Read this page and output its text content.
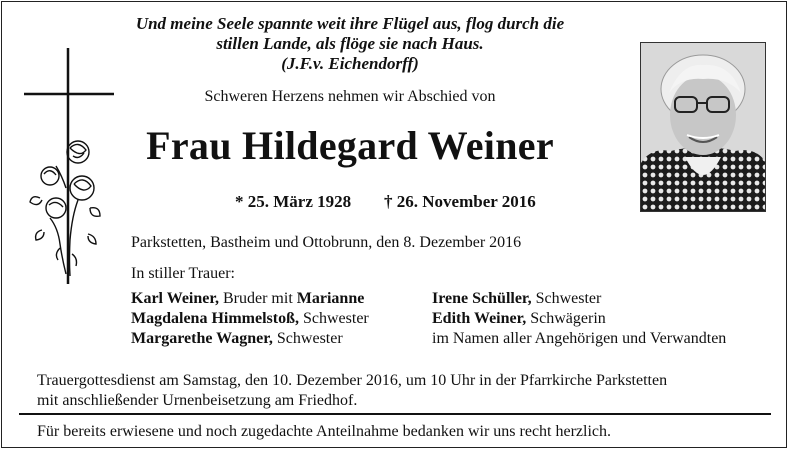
Und meine Seele spannte weit ihre Flügel aus, flog durch die
stillen Lande, als flöge sie nach Haus.
(J.F.v. Eichendorff)
Schweren Herzens nehmen wir Abschied von
Frau Hildegard Weiner
* 25. März 1928 † 26. November 2016
Parkstetten, Bastheim und Ottobrunn, den 8. Dezember 2016
In stiller Trauer:
Karl Weiner, Bruder mit Marianne
Magdalena Himmelstoß, Schwester
Margarethe Wagner, Schwester
Irene Schüller, Schwester
Edith Weiner, Schwägerin
im Namen aller Angehörigen und Verwandten
Trauergottesdienst am Samstag, den 10. Dezember 2016, um 10 Uhr in der Pfarrkirche Parkstetten
mit anschließender Urnenbeisetzung am Friedhof.
Für bereits erwiesene und noch zugedachte Anteilnahme bedanken wir uns recht herzlich.
